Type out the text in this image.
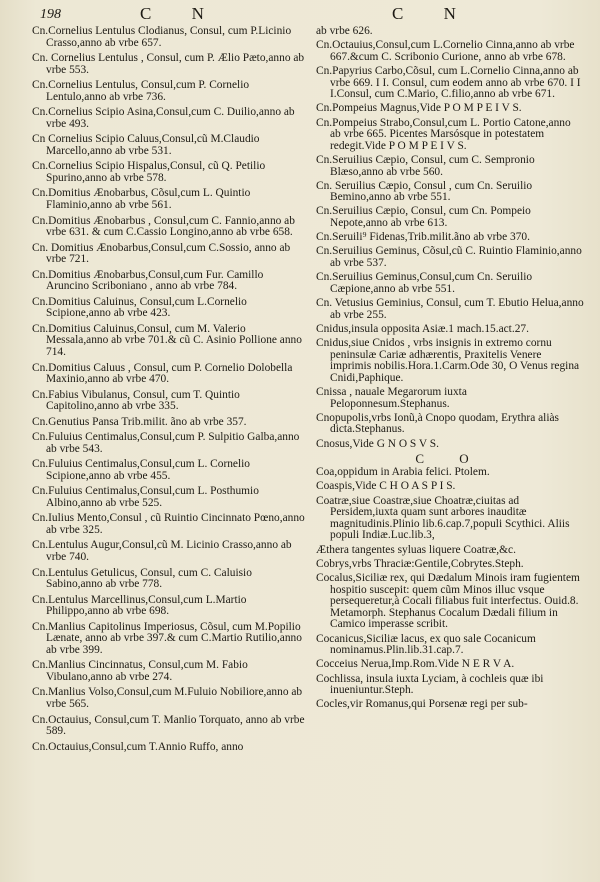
198	C N	C N

Cn.Cornelius Lentulus Clodianus, Consul, cum P.Licinio Crasso,anno ab vrbe 657.

Cn. Cornelius Lentulus , Consul, cum P. Ælio Pæto,anno ab vrbe 553.

Cn.Cornelius Lentulus, Consul,cum P. Cornelio Lentulo,anno ab vrbe 736.

Cn.Cornelius Scipio Asina,Consul,cum C. Duilio,anno ab vrbe 493.

Cn Cornelius Scipio Caluus,Consul,cũ M.Claudio Marcello,anno ab vrbe 531.

Cn.Cornelius Scipio Hispalus,Consul, cũ Q. Petilio Spurino,anno ab vrbe 578.

Cn.Domitius Ænobarbus, Cõsul,cum L. Quintio Flaminio,anno ab vrbe 561.

Cn.Domitius Ænobarbus , Consul,cum C. Fannio,anno ab vrbe 631. & cum C.Cassio Longino,anno ab vrbe 658.

Cn. Domitius Ænobarbus,Consul,cum C.Sossio, anno ab vrbe 721.

Cn.Domitius Ænobarbus,Consul,cum Fur. Camillo Aruncino Scriboniano , anno ab vrbe 784.

Cn.Domitius Caluinus, Consul,cum L.Cornelio Scipione,anno ab vrbe 423.

Cn.Domitius Caluinus,Consul, cum M. Valerio Messala,anno ab vrbe 701.& cũ C. Asinio Pollione anno 714.

Cn.Domitius Caluus , Consul, cum P. Cornelio Dolobella Maxinio,anno ab vrbe 470.

Cn.Fabius Vibulanus, Consul, cum T. Quintio Capitolino,anno ab vrbe 335.

Cn.Genutius Pansa Trib.milit. ãno ab vrbe 357.

Cn.Fuluius Centimalus,Consul,cum P. Sulpitio Galba,anno ab vrbe 543.

Cn.Fuluius Centimalus,Consul,cum L. Cornelio Scipione,anno ab vrbe 455.

Cn.Fuluius Centimalus,Consul,cum L. Posthumio Albino,anno ab vrbe 525.

Cn.Iulius Mento,Consul , cũ Ruintio Cincinnato Pœno,anno ab vrbe 325.

Cn.Lentulus Augur,Consul,cũ M. Licinio Crasso,anno ab vrbe 740.

Cn.Lentulus Getulicus, Consul, cum C. Caluisio Sabino,anno ab vrbe 778.

Cn.Lentulus Marcellinus,Consul,cum L.Martio Philippo,anno ab vrbe 698.

Cn.Manlius Capitolinus Imperiosus, Cõsul, cum M.Popilio Lænate, anno ab vrbe 397.& cum C.Martio Rutilio,anno ab vrbe 399.

Cn.Manlius Cincinnatus, Consul,cum M. Fabio Vibulano,anno ab vrbe 274.

Cn.Manlius Volso,Consul,cum M.Fuluio Nobiliore,anno ab vrbe 565.

Cn.Octauius, Consul,cum T. Manlio Torquato, anno ab vrbe 589.

Cn.Octauius,Consul,cum T.Annio Ruffo, anno

ab vrbe 626.

Cn.Octauius,Consul,cum L.Cornelio Cinna,anno ab vrbe 667.&cum C. Scribonio Curione, anno ab vrbe 678.

Cn.Papyrius Carbo,Cõsul, cum L.Cornelio Cinna,anno ab vrbe 669. I I. Consul, cum eodem anno ab vrbe 670. I I I.Consul, cum C.Mario, C.filio,anno ab vrbe 671.

Cn.Pompeius Magnus,Vide P O M P E I V S.

Cn.Pompeius Strabo,Consul,cum L. Portio Catone,anno ab vrbe 665. Picentes Marsósque in potestatem redegit.Vide P O M P E I V S.

Cn.Seruilius Cæpio, Consul, cum C. Sempronio Blæso,anno ab vrbe 560.

Cn. Seruilius Cæpio, Consul , cum Cn. Seruilio Bemino,anno ab vrbe 551.

Cn.Seruilius Cæpio, Consul, cum Cn. Pompeio Nepote,anno ab vrbe 613.

Cn.Seruili⁹ Fidenas,Trib.milit.ãno ab vrbe 370.

Cn.Seruilius Geminus, Cõsul,cũ C. Ruintio Flaminio,anno ab vrbe 537.

Cn.Seruilius Geminus,Consul,cum Cn. Seruilio Cæpione,anno ab vrbe 551.

Cn. Vetusius Geminius, Consul, cum T. Ebutio Helua,anno ab vrbe 255.

Cnidus,insula opposita Asiæ.1 mach.15.act.27.

Cnidus,siue Cnidos , vrbs insignis in extremo cornu peninsulæ Cariæ adhærentis, Praxitelis Venere imprimis nobilis.Hora.1.Carm.Ode 30, O Venus regina Cnidi,Paphique.

Cnissa , nauale Megarorum iuxta Peloponnesum.Stephanus.

Cnopupolis,vrbs Ionũ,à Cnopo quodam, Erythra aliàs dicta.Stephanus.

Cnosus,Vide G N O S V S.

C O

Coa,oppidum in Arabia felici. Ptolem.

Coaspis,Vide C H O A S P I S.

Coatræ,siue Coastræ,siue Choatræ,ciuitas ad Persidem,iuxta quam sunt arbores inauditæ magnitudinis.Plinio lib.6.cap.7,populi Scythici. Aliis populi Indiæ.Luc.lib.3,

Æthera tangentes syluas liquere Coatræ,&c.

Cobrys,vrbs Thraciæ:Gentile,Cobrytes.Steph.

Cocalus,Siciliæ rex, qui Dædalum Minois iram fugientem hospitio suscepit: quem cũm Minos illuc vsque persequeretur,à Cocali filiabus fuit interfectus. Ouid.8. Metamorph. Stephanus Cocalum Dædali filium in Camico imperasse scribit.

Cocanicus,Siciliæ lacus, ex quo sale Cocanicum nominamus.Plin.lib.31.cap.7.

Cocceius Nerua,Imp.Rom.Vide N E R V A.

Cochlissa, insula iuxta Lyciam, à cochleis quæ ibi inueniuntur.Steph.

Cocles,vir Romanus,qui Porsenæ regi per sub-
